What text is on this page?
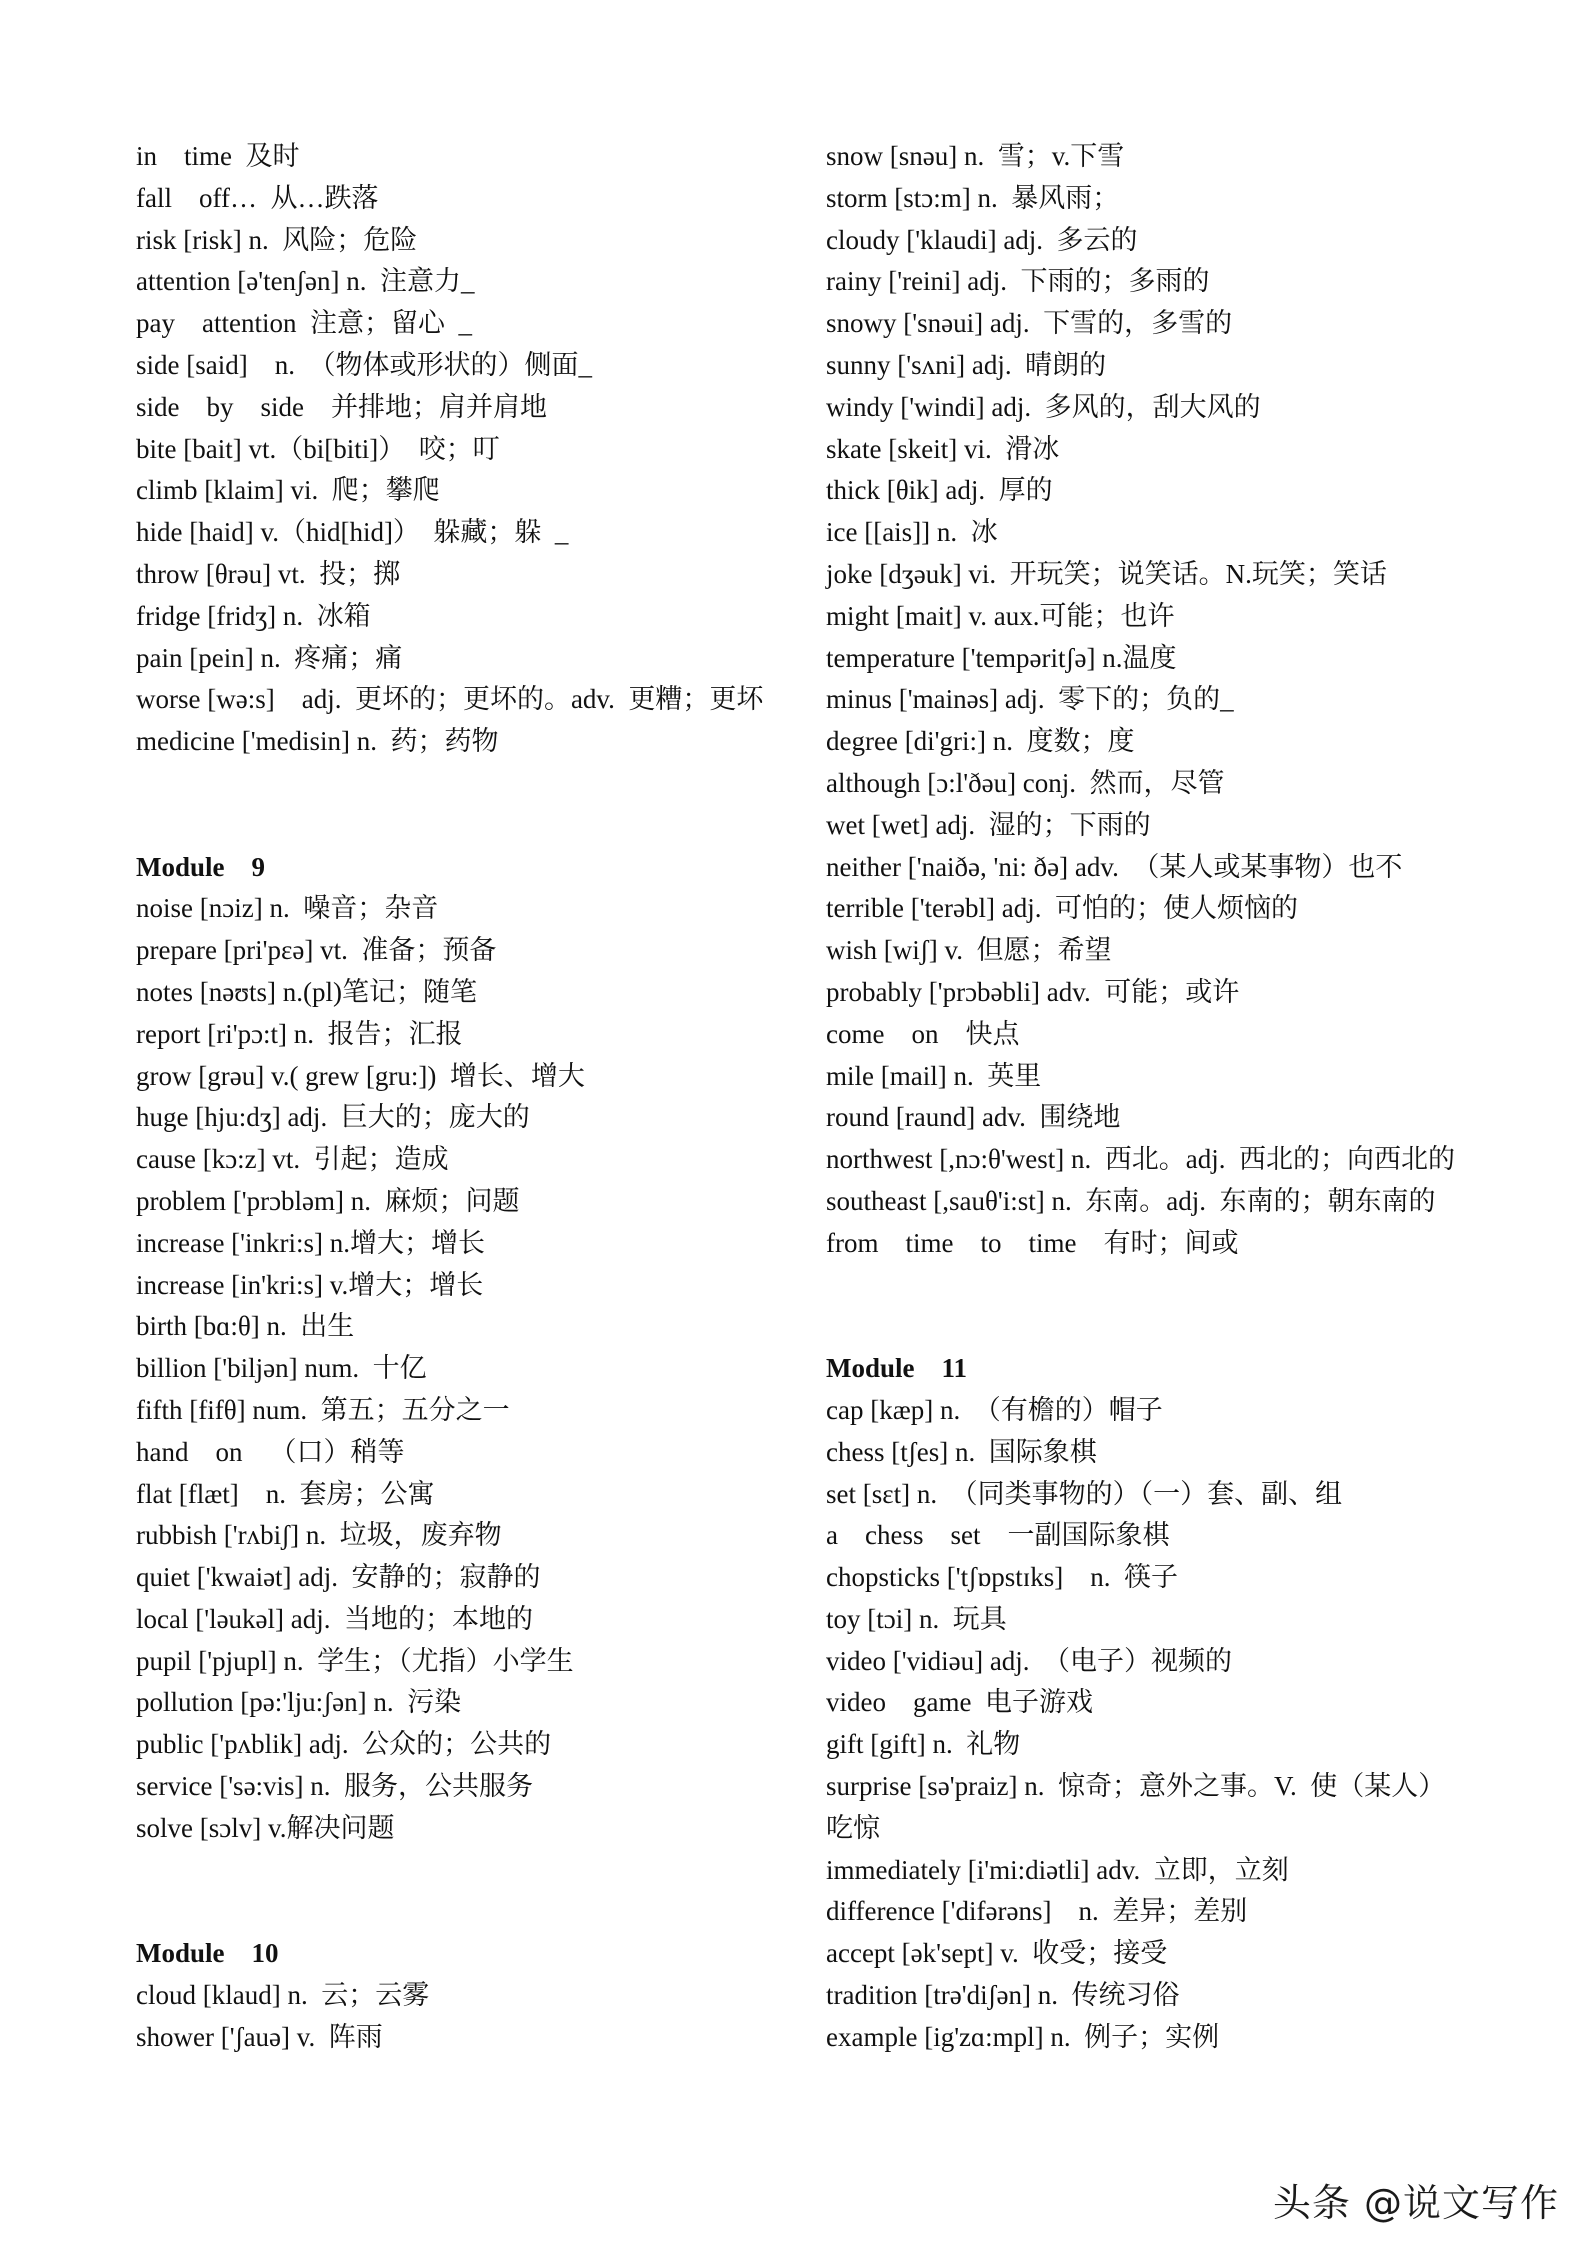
in    time  及时
fall    off…  从…跌落
risk [risk] n.  风险；危险
attention [ə'tenʃən] n.  注意力_
pay    attention  注意；留心  _
side [said]    n.  （物体或形状的）侧面_
side    by    side    并排地；肩并肩地
bite [bait] vt.（bi[biti]）  咬；叮
climb [klaim] vi.  爬；攀爬
hide [haid] v.（hid[hid]）  躲藏；躲  _
throw [θrəu] vt.  投；掷
fridge [fridʒ] n.  冰箱
pain [pein] n.  疼痛；痛
worse [wə:s]    adj.  更坏的；更坏的。adv.  更糟；更坏
medicine ['medisin] n.  药；药物
Module    9
noise [nɔiz] n.  噪音；杂音
prepare [pri'pɛə] vt.  准备；预备
notes [nəʊts] n.(pl)笔记；随笔
report [ri'pɔ:t] n.  报告；汇报
grow [grəu] v.( grew [gru:])  增长、增大
huge [hju:dʒ] adj.  巨大的；庞大的
cause [kɔ:z] vt.  引起；造成
problem ['prɔbləm] n.  麻烦；问题
increase ['inkri:s] n.增大；增长
increase [in'kri:s] v.增大；增长
birth [bɑ:θ] n.  出生
billion ['biljən] num.  十亿
fifth [fifθ] num.  第五；五分之一
hand    on    （口）稍等
flat [flæt]    n.  套房；公寓
rubbish ['rʌbiʃ] n.  垃圾，废弃物
quiet ['kwaiət] adj.  安静的；寂静的
local ['ləukəl] adj.  当地的；本地的
pupil ['pjupl] n.  学生；（尤指）小学生
pollution [pə:'lju:ʃən] n.  污染
public ['pʌblik] adj.  公众的；公共的
service ['sə:vis] n.  服务，公共服务
solve [sɔlv] v.解决问题
Module    10
cloud [klaud] n.  云；云雾
shower ['ʃauə] v.  阵雨
snow [snəu] n.  雪；v.下雪
storm [stɔ:m] n.  暴风雨；
cloudy ['klaudi] adj.  多云的
rainy ['reini] adj.  下雨的；多雨的
snowy ['snəui] adj.  下雪的，多雪的
sunny ['sʌni] adj.  晴朗的
windy ['windi] adj.  多风的，刮大风的
skate [skeit] vi.  滑冰
thick [θik] adj.  厚的
ice [[ais]] n.  冰
joke [dʒəuk] vi.  开玩笑；说笑话。N.玩笑；笑话
might [mait] v. aux.可能；也许
temperature ['tempəritʃə] n.温度
minus ['mainəs] adj.  零下的；负的_
degree [di'gri:] n.  度数；度
although [ɔ:l'ðəu] conj.  然而，尽管
wet [wet] adj.  湿的；下雨的
neither ['naiðə, 'ni: ðə] adv.  （某人或某事物）也不
terrible ['terəbl] adj.  可怕的；使人烦恼的
wish [wiʃ] v.  但愿；希望
probably ['prɔbəbli] adv.  可能；或许
come    on    快点
mile [mail] n.  英里
round [raund] adv.  围绕地
northwest [,nɔ:θ'west] n.  西北。adj.  西北的；向西北的
southeast [,sauθ'i:st] n.  东南。adj.  东南的；朝东南的
from    time    to    time    有时；间或
Module    11
cap [kæp] n.  （有檐的）帽子
chess [tʃes] n.  国际象棋
set [sɛt] n.  （同类事物的）（一）套、副、组
a    chess    set    一副国际象棋
chopsticks ['tʃɒpstɪks]    n.  筷子
toy [tɔi] n.  玩具
video ['vidiəu] adj.  （电子）视频的
video    game  电子游戏
gift [gift] n.  礼物
surprise [sə'praiz] n.  惊奇；意外之事。V.  使（某人）吃惊
immediately [i'mi:diətli] adv.  立即，立刻
difference ['difərəns]    n.  差异；差别
accept [ək'sept] v.  收受；接受
tradition [trə'diʃən] n.  传统习俗
example [ig'zɑ:mpl] n.  例子；实例
头条 @说文写作
